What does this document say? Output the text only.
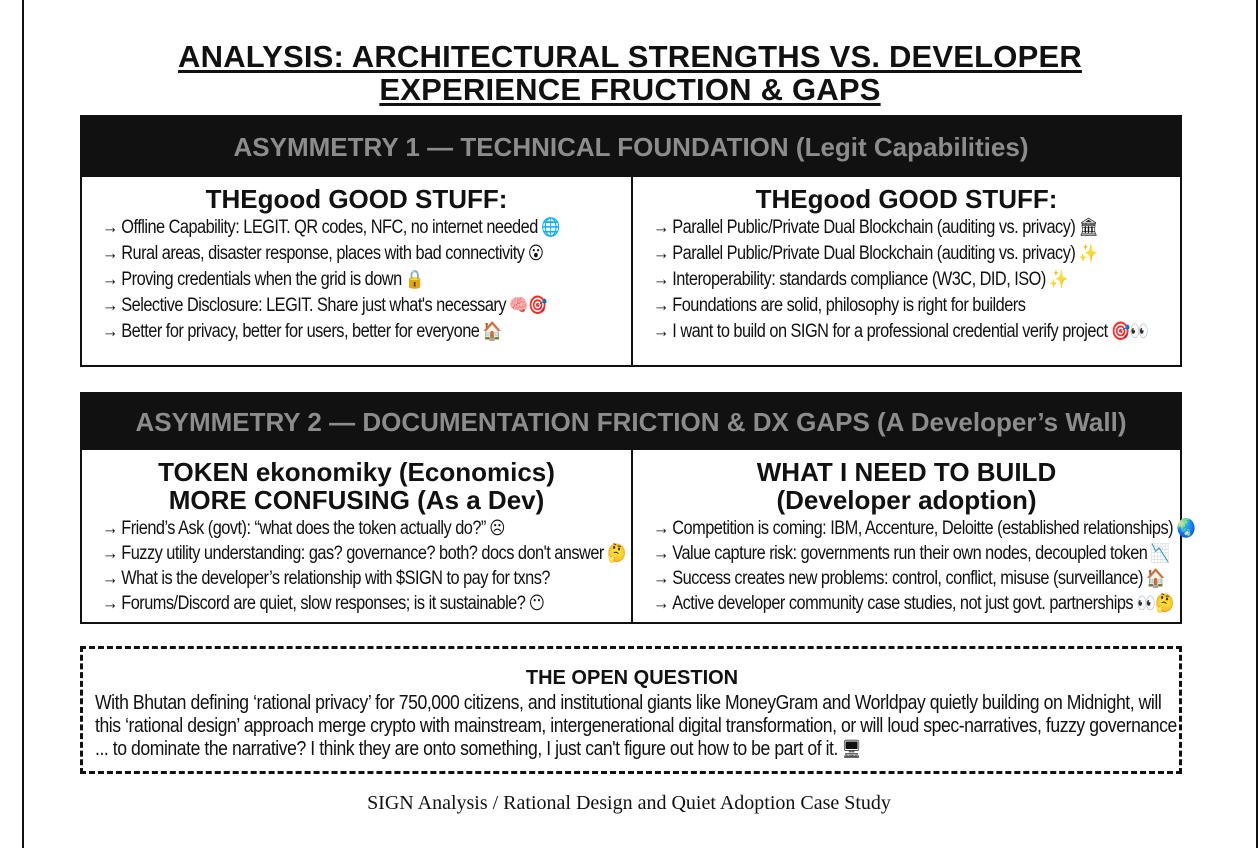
ANALYSIS: ARCHITECTURAL STRENGTHS VS. DEVELOPER
EXPERIENCE FRUCTION & GAPS
ASYMMETRY 1 — TECHNICAL FOUNDATION (Legit Capabilities)
THEgood GOOD STUFF:
→ Offline Capability: LEGIT. QR codes, NFC, no internet needed 🌐
→ Rural areas, disaster response, places with bad connectivity 😮
→ Proving credentials when the grid is down 🔒
→ Selective Disclosure: LEGIT. Share just what's necessary 🧠🎯
→ Better for privacy, better for users, better for everyone 🏠
THEgood GOOD STUFF:
→ Parallel Public/Private Dual Blockchain (auditing vs. privacy) 🏛
→ Parallel Public/Private Dual Blockchain (auditing vs. privacy) ✨
→ Interoperability: standards compliance (W3C, DID, ISO) ✨
→ Foundations are solid, philosophy is right for builders
→ I want to build on SIGN for a professional credential verify project 🎯👀
ASYMMETRY 2 — DOCUMENTATION FRICTION & DX GAPS (A Developer’s Wall)
TOKEN ekonomiky (Economics)
MORE CONFUSING (As a Dev)
→ Friend’s Ask (govt): “what does the token actually do?” ☹
→ Fuzzy utility understanding: gas? governance? both? docs don't answer 🤔
→ What is the developer’s relationship with $SIGN to pay for txns?
→ Forums/Discord are quiet, slow responses; is it sustainable? 😶
WHAT I NEED TO BUILD
(Developer adoption)
→ Competition is coming: IBM, Accenture, Deloitte (established relationships) 🌏
→ Value capture risk: governments run their own nodes, decoupled token 📉
→ Success creates new problems: control, conflict, misuse (surveillance) 🏠
→ Active developer community case studies, not just govt. partnerships 👀🤔
THE OPEN QUESTION
With Bhutan defining ‘rational privacy’ for 750,000 citizens, and institutional giants like MoneyGram and Worldpay quietly building on Midnight, will this ‘rational design’ approach merge crypto with mainstream, intergenerational digital transformation, or will loud spec-narratives, fuzzy governance ... to dominate the narrative? I think they are onto something, I just can't figure out how to be part of it. 🖥
SIGN Analysis / Rational Design and Quiet Adoption Case Study
